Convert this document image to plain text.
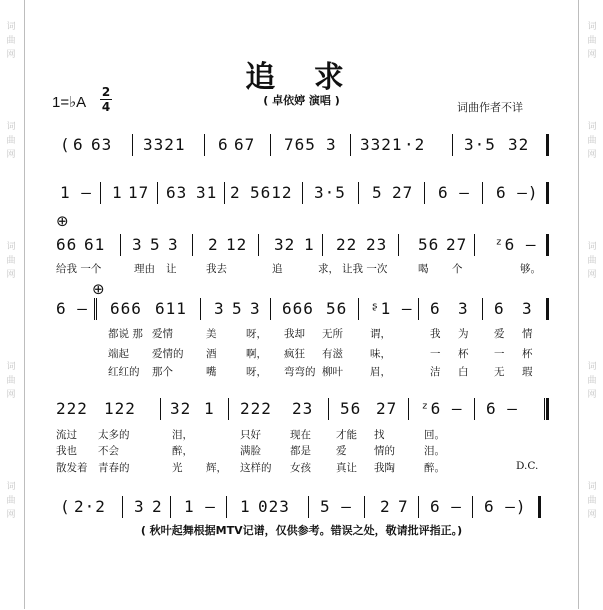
词
曲
网
词
曲
网
词
曲
网
词
曲
网
词
曲
网
词
曲
网
词
曲
网
词
曲
网
词
曲
网
词
曲
网
追 求
( 卓依婷 演唱 )
1=♭A
2
4	词曲作者不详
⊕
⊕
( 6 63 3321 6 67 765 3 3321 ·2 3·5 32
1 – 1 17 63 31 2 5612 3·5 5 27 6 – 6 –)
66 61 3 5 3 2 12 32 1 22 23 56 27 ᶻ6 –
6 – 666 611 3 5 3 666 56 ᶳ1 – 6 3 6 3
222 122 32 1 222 23 56 27 ᶻ6 – 6 –
( 2·2 3 2 1 – 1 023 5 – 2 7 6 – 6 –)
给我 一个	理由 让	我去	追	求， 让我 一次	喝 个	够。
都说 那 爱情	美	呀， 我却 无所	谓，	我 为 爱 情
端起 爱情的 酒	啊， 疯狂 有滋	味，	一 杯 一 杯
红红的 那个	嘴	呀， 弯弯的 柳叶	眉，	洁 白 无 瑕
流过 太多的	泪，	只好	现在 才能 找	回。
我也 不会	醉，	满脸	都是 爱	情的	泪。
散发着 青春的	光 辉， 这样的 女孩 真让 我陶	醉。	D.C.
( 秋叶起舞根据MTV记谱，仅供参考。错误之处，敬请批评指正。)
